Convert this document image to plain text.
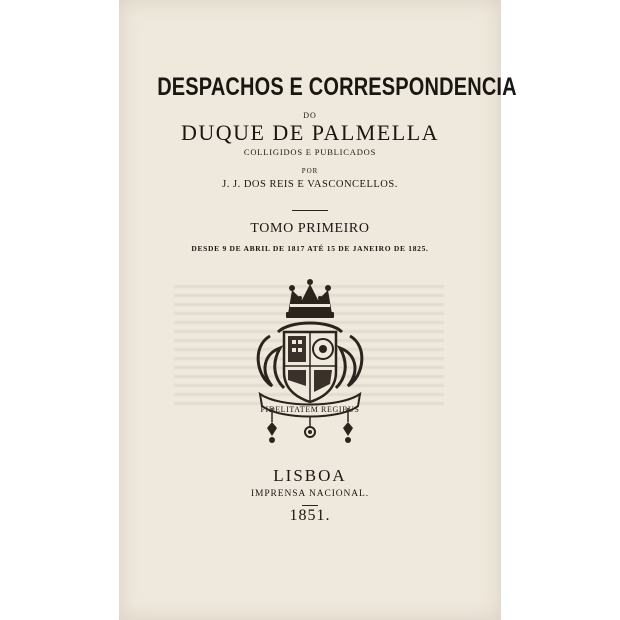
DESPACHOS E CORRESPONDENCIA
DO
DUQUE DE PALMELLA
COLLIGIDOS E PUBLICADOS
POR
J. J. DOS REIS E VASCONCELLOS.
TOMO PRIMEIRO
DESDE 9 DE ABRIL DE 1817 ATÉ 15 DE JANEIRO DE 1825.
FIDELITATEM REGIBUS
LISBOA
IMPRENSA NACIONAL.
1851.
